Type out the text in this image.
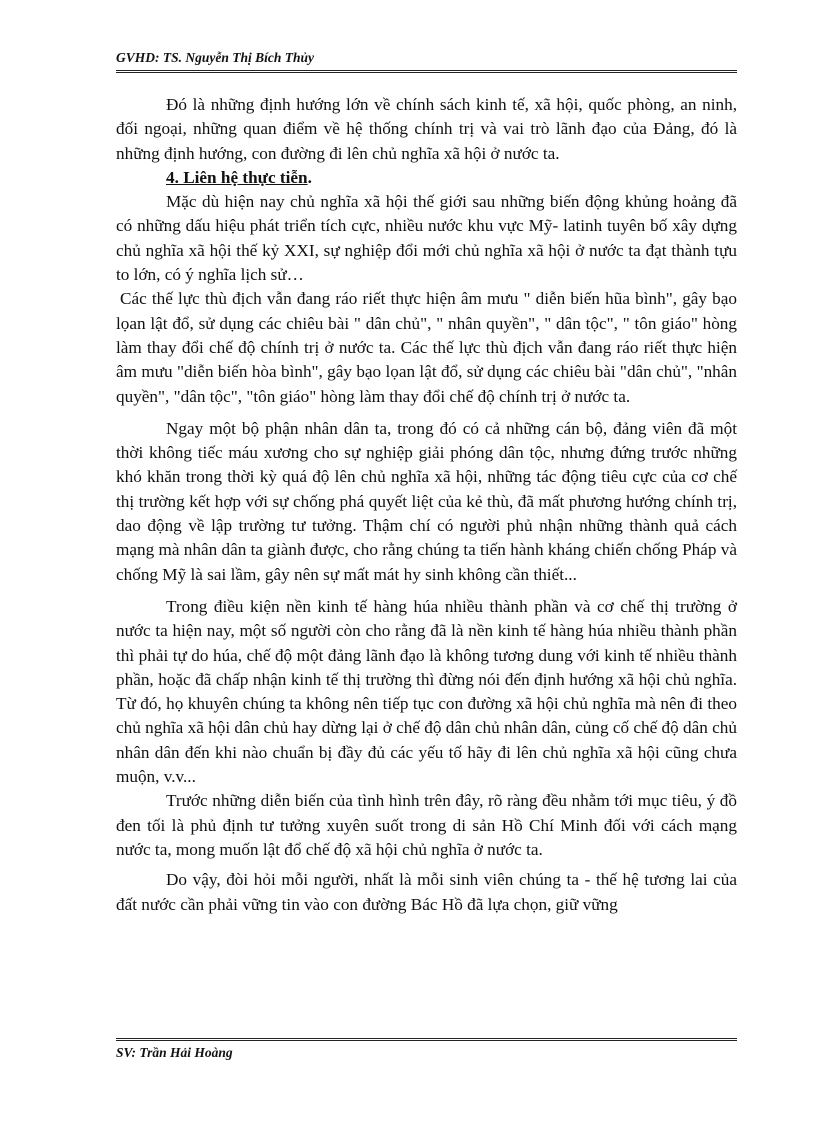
GVHD: TS. Nguyễn Thị Bích Thủy

Đó là những định hướng lớn về chính sách kinh tế, xã hội, quốc phòng, an ninh, đối ngoại, những quan điểm về hệ thống chính trị và vai trò lãnh đạo của Đảng, đó là những định hướng, con đường đi lên chủ nghĩa xã hội ở nước ta.

4. Liên hệ thực tiễn.

Mặc dù hiện nay chủ nghĩa xã hội thế giới sau những biến động khủng hoảng đã có những dấu hiệu phát triển tích cực, nhiều nước khu vực Mỹ- latinh tuyên bố xây dựng chủ nghĩa xã hội thế kỷ XXI, sự nghiệp đổi mới chủ nghĩa xã hội ở nước ta đạt thành tựu to lớn, có ý nghĩa lịch sử…

Các thế lực thù địch vẫn đang ráo riết thực hiện âm mưu " diễn biến hũa bình", gây bạo lọan lật đổ, sử dụng các chiêu bài " dân chủ", " nhân quyền", " dân tộc", " tôn giáo" hòng làm thay đổi chế độ chính trị ở nước ta. Các thế lực thù địch vẫn đang ráo riết thực hiện âm mưu "diễn biến hòa bình", gây bạo lọan lật đổ, sử dụng các chiêu bài "dân chủ", "nhân quyền", "dân tộc", "tôn giáo" hòng làm thay đổi chế độ chính trị ở nước ta.

Ngay một bộ phận nhân dân ta, trong đó có cả những cán bộ, đảng viên đã một thời không tiếc máu xương cho sự nghiệp giải phóng dân tộc, nhưng đứng trước những khó khăn trong thời kỳ quá độ lên chủ nghĩa xã hội, những tác động tiêu cực của cơ chế thị trường kết hợp với sự chống phá quyết liệt của kẻ thù, đã mất phương hướng chính trị, dao động về lập trường tư tưởng. Thậm chí có người phủ nhận những thành quả cách mạng mà nhân dân ta giành được, cho rằng chúng ta tiến hành kháng chiến chống Pháp và chống Mỹ là sai lầm, gây nên sự mất mát hy sinh không cần thiết...

Trong điều kiện nền kinh tế hàng húa nhiều thành phần và cơ chế thị trường ở nước ta hiện nay, một số người còn cho rằng đã là nền kinh tế hàng húa nhiều thành phần thì phải tự do húa, chế độ một đảng lãnh đạo là không tương dung với kinh tế nhiều thành phần, hoặc đã chấp nhận kinh tế thị trường thì đừng nói đến định hướng xã hội chủ nghĩa. Từ đó, họ khuyên chúng ta không nên tiếp tục con đường xã hội chủ nghĩa mà nên đi theo chủ nghĩa xã hội dân chủ hay dừng lại ở chế độ dân chủ nhân dân, củng cố chế độ dân chủ nhân dân đến khi nào chuẩn bị đầy đủ các yếu tố hãy đi lên chủ nghĩa xã hội cũng chưa muộn, v.v...

Trước những diễn biến của tình hình trên đây, rõ ràng đều nhằm tới mục tiêu, ý đồ đen tối là phủ định tư tưởng xuyên suốt trong di sản Hồ Chí Minh đối với cách mạng nước ta, mong muốn lật đổ chế độ xã hội chủ nghĩa ở nước ta.

Do vậy, đòi hỏi mỗi người, nhất là mỗi sinh viên chúng ta - thế hệ tương lai của đất nước cần phải vững tin vào con đường Bác Hồ đã lựa chọn, giữ vững

SV: Trần Hải Hoàng
